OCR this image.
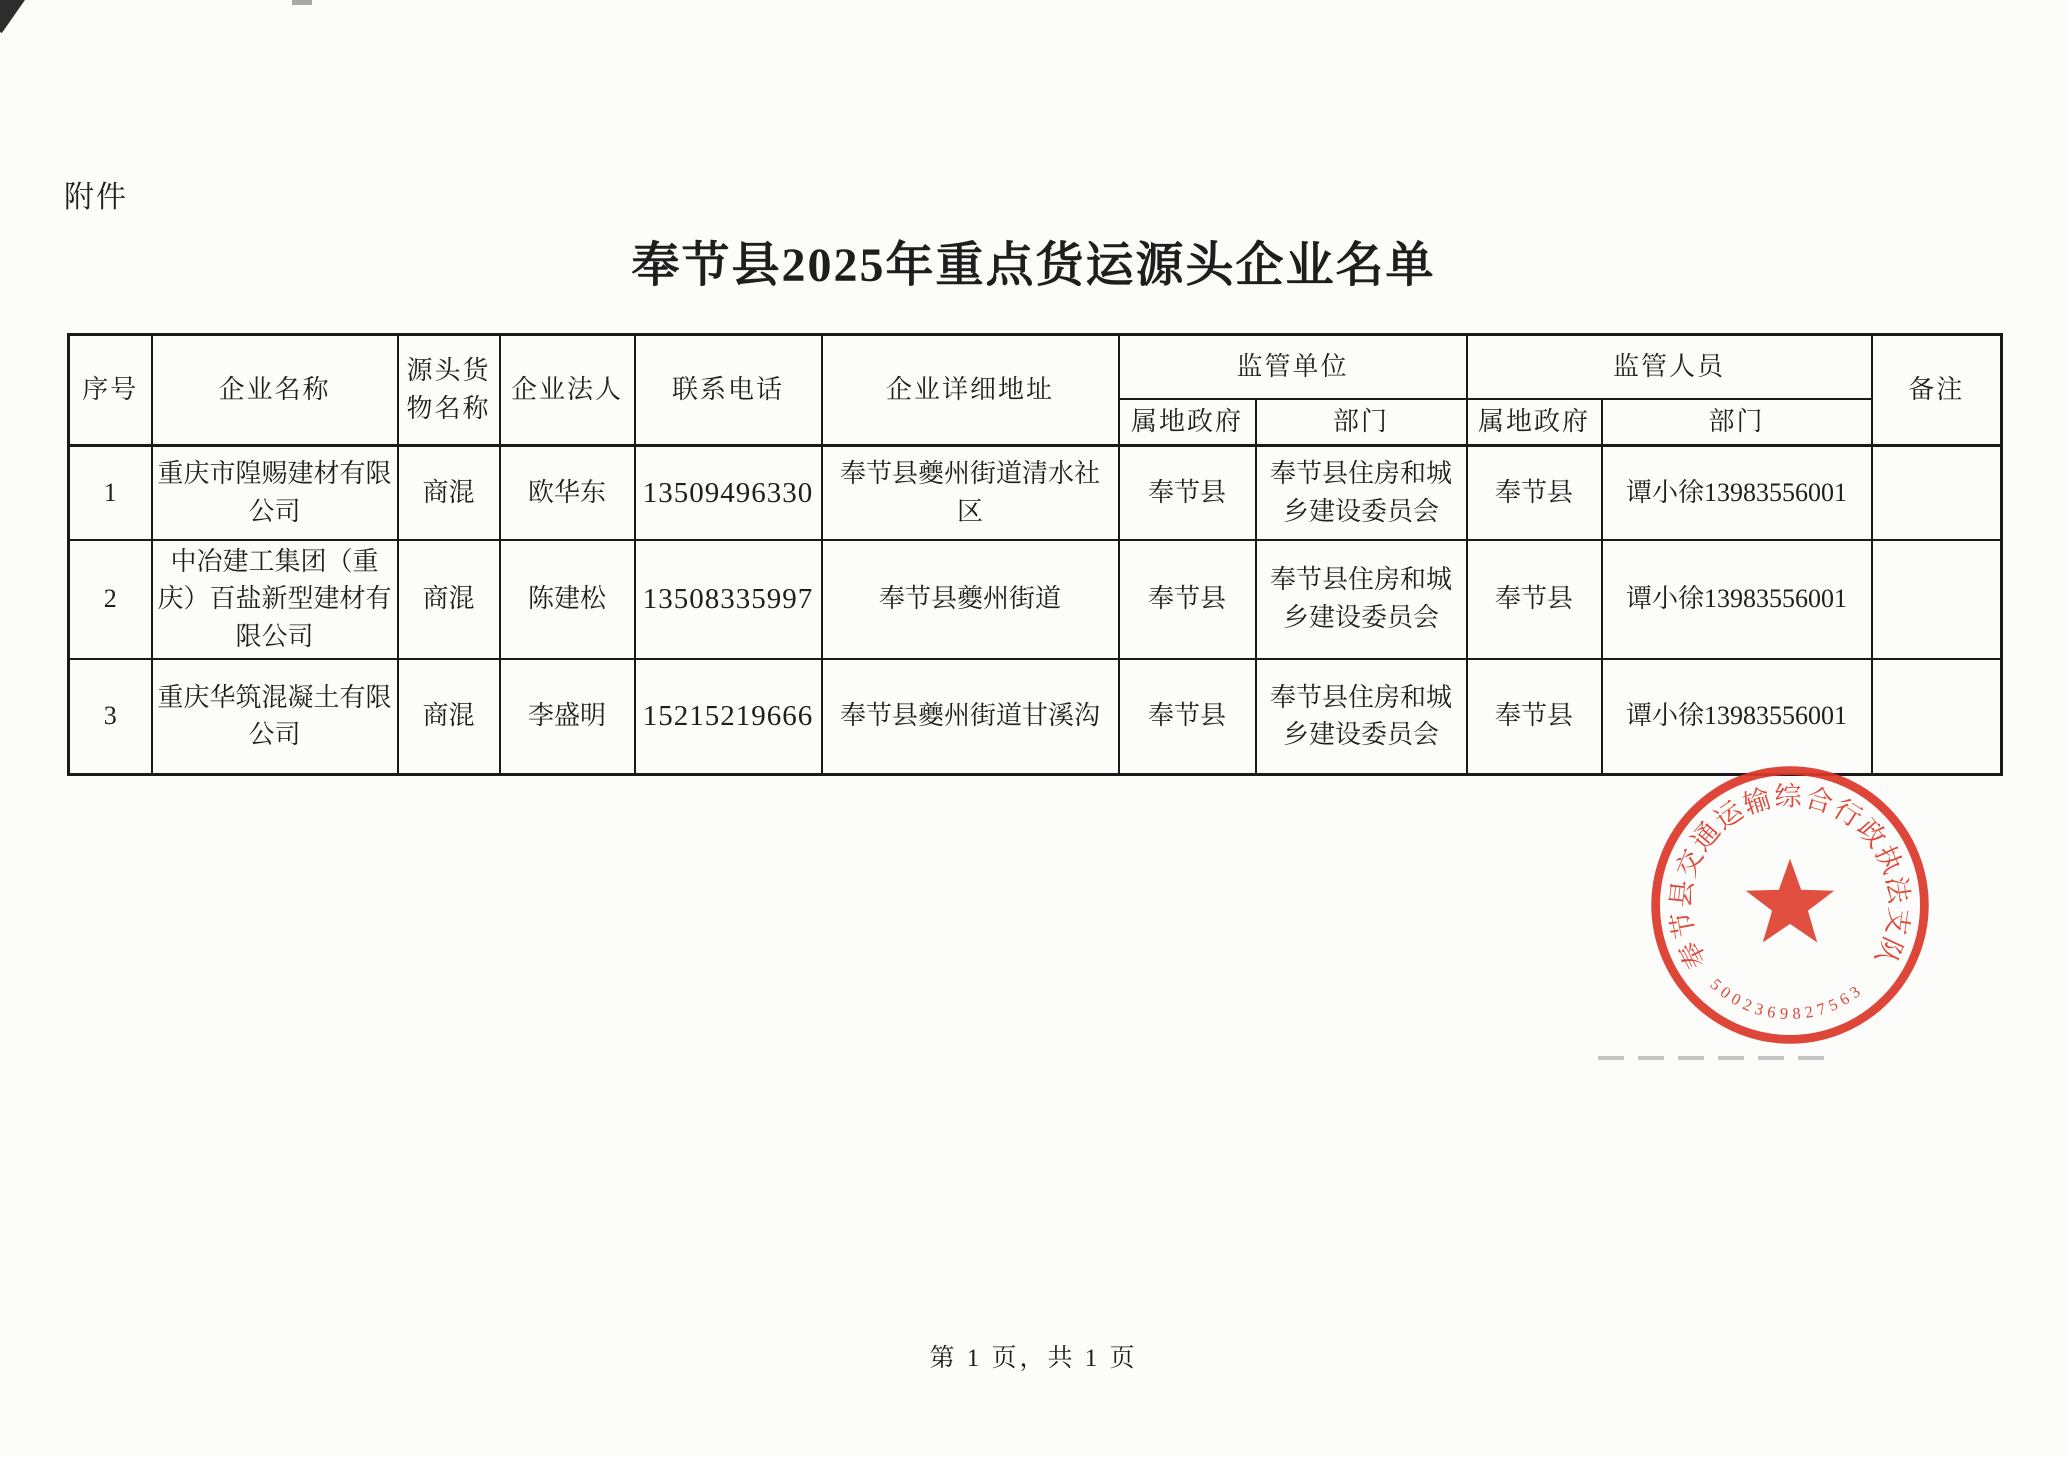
附件
奉节县2025年重点货运源头企业名单
序号	企业名称	源头货物名称	企业法人	联系电话	企业详细地址	监管单位		监管人员		备注
						属地政府	部门	属地政府	部门	
1	重庆市隍赐建材有限公司	商混	欧华东	13509496330	奉节县夔州街道清水社区	奉节县	奉节县住房和城乡建设委员会	奉节县	谭小徐13983556001	
2	中冶建工集团（重庆）百盐新型建材有限公司	商混	陈建松	13508335997	奉节县夔州街道	奉节县	奉节县住房和城乡建设委员会	奉节县	谭小徐13983556001	
3	重庆华筑混凝土有限公司	商混	李盛明	15215219666	奉节县夔州街道甘溪沟	奉节县	奉节县住房和城乡建设委员会	奉节县	谭小徐13983556001	
奉节县交通运输综合行政执法支队
5002369827563
第 1 页，共 1 页
